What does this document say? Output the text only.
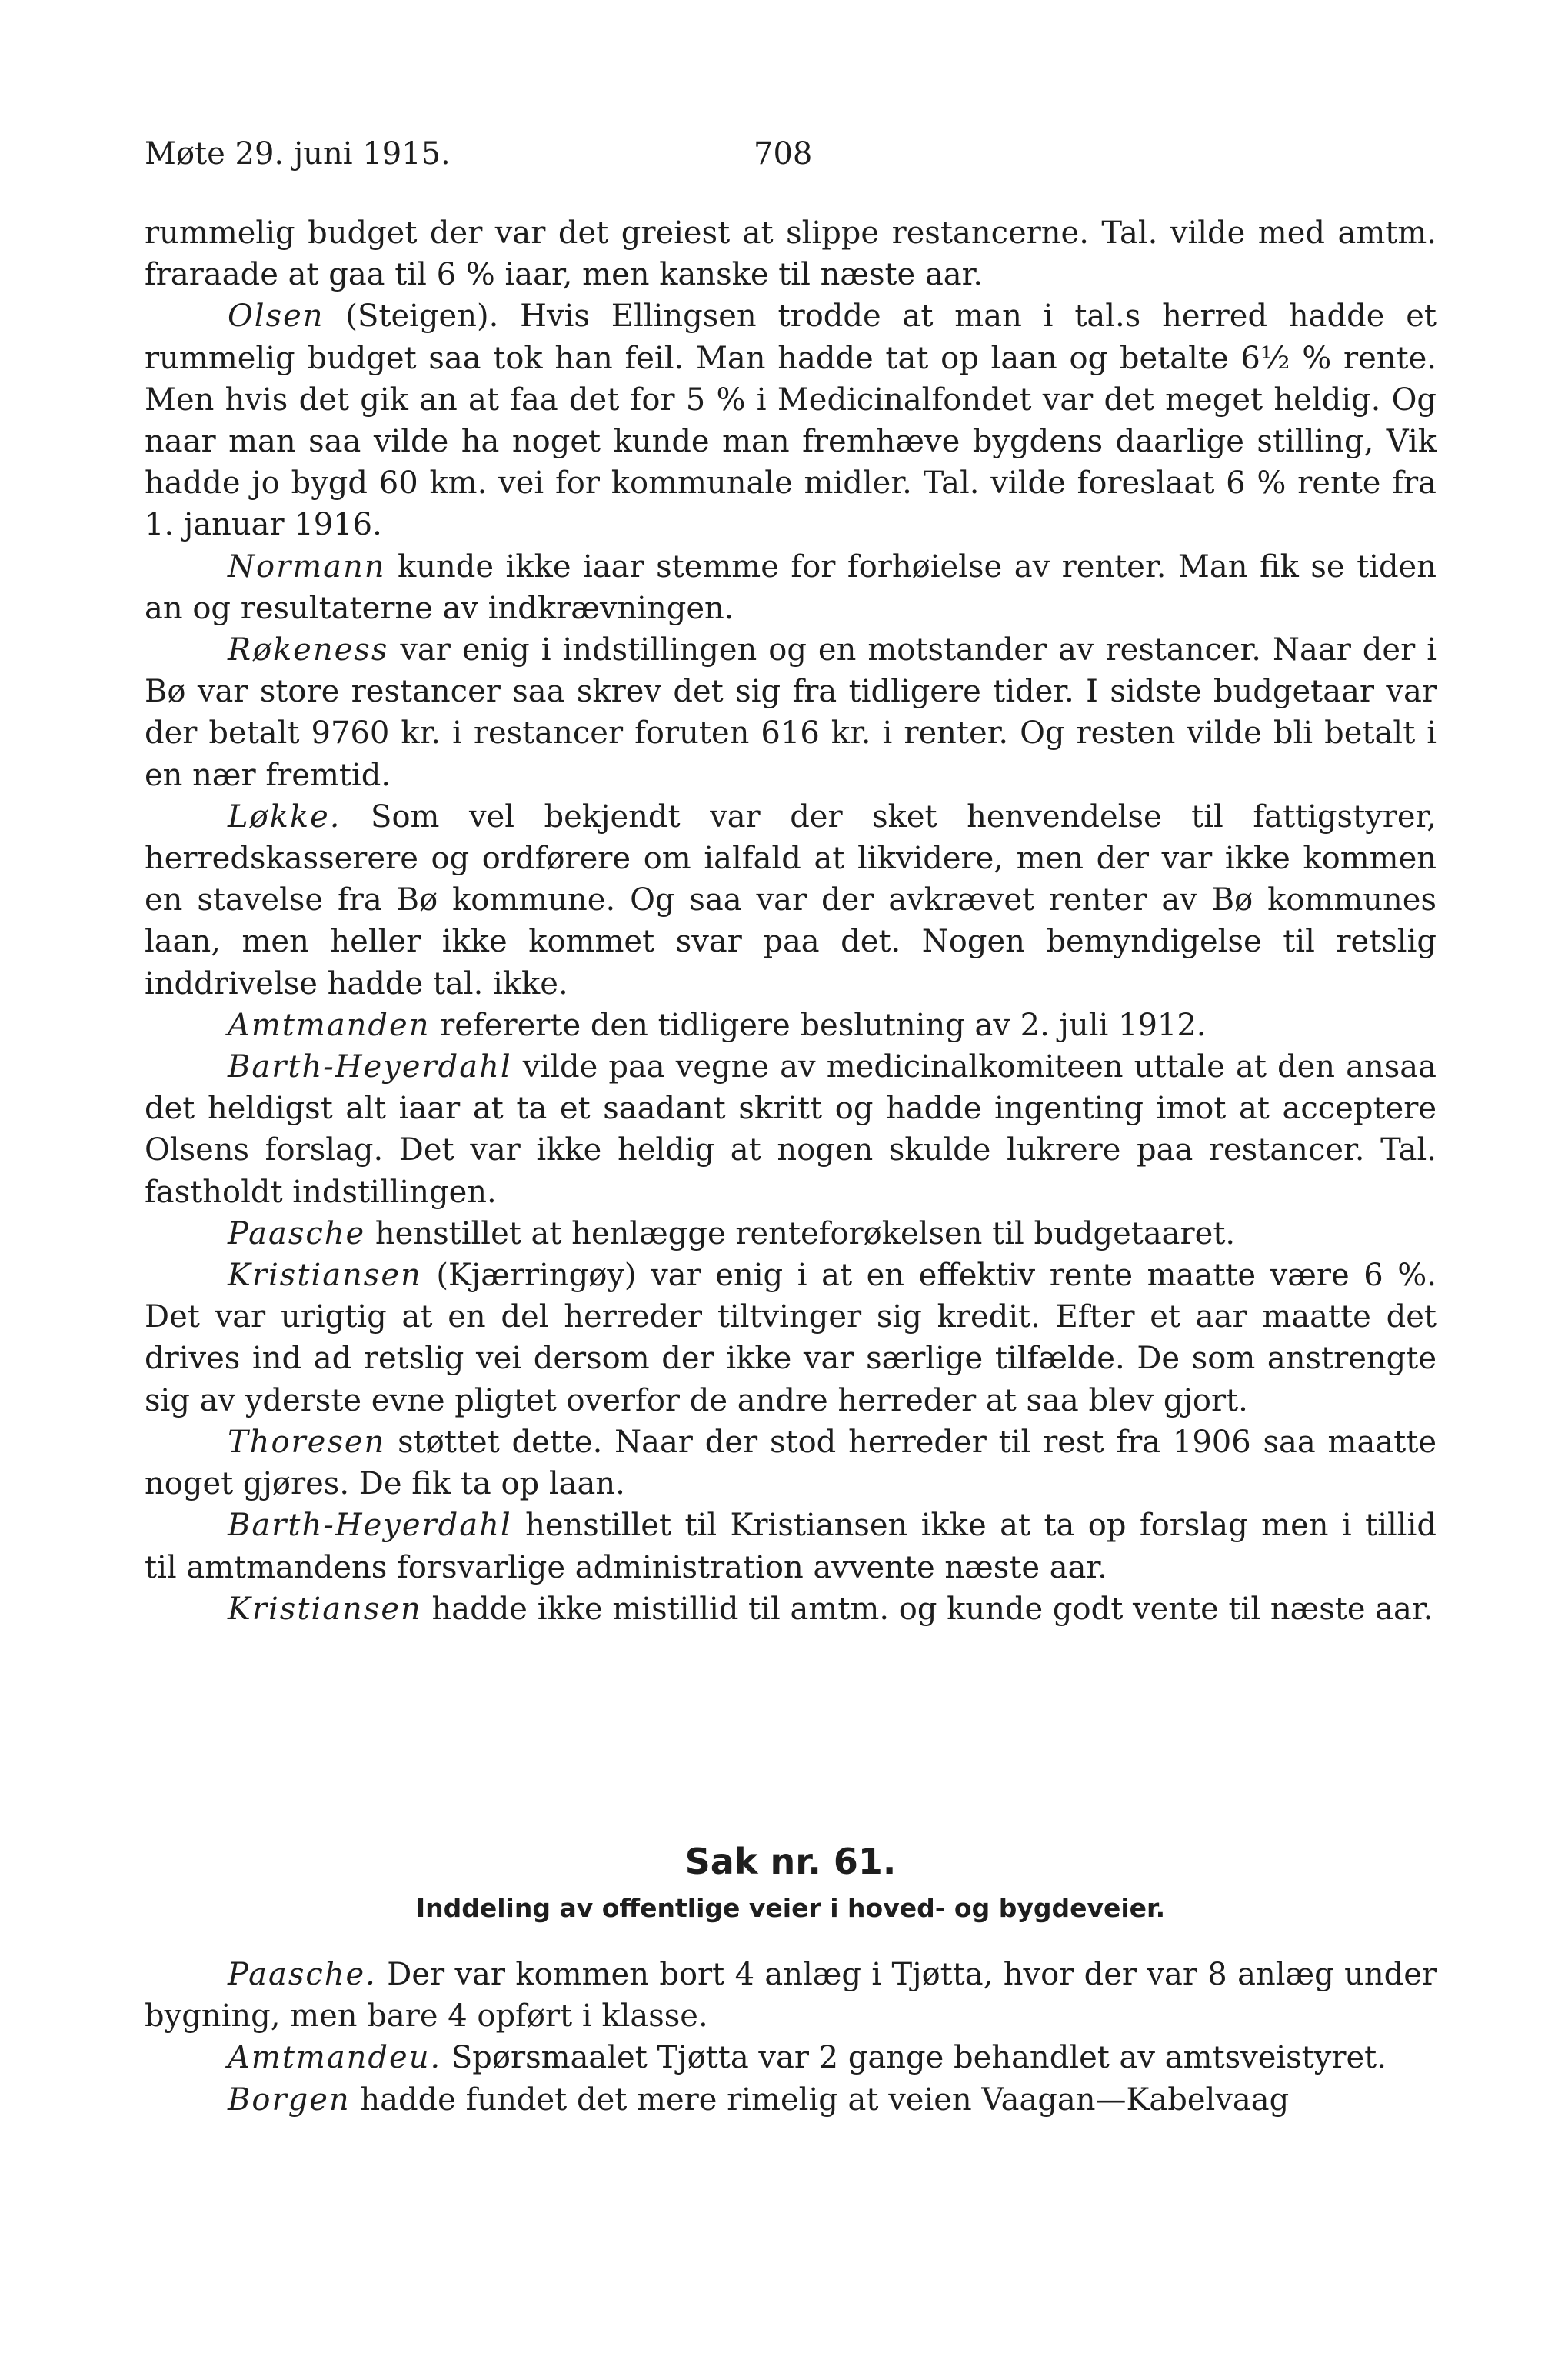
Møte 29. juni 1915.	708

rummelig budget der var det greiest at slippe restancerne. Tal. vilde med amtm. fraraade at gaa til 6 % iaar, men kanske til næste aar.

Olsen (Steigen). Hvis Ellingsen trodde at man i tal.s herred hadde et rummelig budget saa tok han feil. Man hadde tat op laan og betalte 6½ % rente. Men hvis det gik an at faa det for 5 % i Medicinalfondet var det meget heldig. Og naar man saa vilde ha noget kunde man fremhæve bygdens daarlige stilling, Vik hadde jo bygd 60 km. vei for kommunale midler. Tal. vilde foreslaat 6 % rente fra 1. januar 1916.

Normann kunde ikke iaar stemme for forhøielse av renter. Man fik se tiden an og resultaterne av indkrævningen.

Røkeness var enig i indstillingen og en motstander av restancer. Naar der i Bø var store restancer saa skrev det sig fra tidligere tider. I sidste budgetaar var der betalt 9760 kr. i restancer foruten 616 kr. i renter. Og resten vilde bli betalt i en nær fremtid.

Løkke. Som vel bekjendt var der sket henvendelse til fattigstyrer, herredskasserere og ordførere om ialfald at likvidere, men der var ikke kommen en stavelse fra Bø kommune. Og saa var der avkrævet renter av Bø kommunes laan, men heller ikke kommet svar paa det. Nogen bemyndigelse til retslig inddrivelse hadde tal. ikke.

Amtmanden refererte den tidligere beslutning av 2. juli 1912.

Barth-Heyerdahl vilde paa vegne av medicinalkomiteen uttale at den ansaa det heldigst alt iaar at ta et saadant skritt og hadde ingenting imot at acceptere Olsens forslag. Det var ikke heldig at nogen skulde lukrere paa restancer. Tal. fastholdt indstillingen.

Paasche henstillet at henlægge renteforøkelsen til budgetaaret.

Kristiansen (Kjærringøy) var enig i at en effektiv rente maatte være 6 %. Det var urigtig at en del herreder tiltvinger sig kredit. Efter et aar maatte det drives ind ad retslig vei dersom der ikke var særlige tilfælde. De som anstrengte sig av yderste evne pligtet overfor de andre herreder at saa blev gjort.

Thoresen støttet dette. Naar der stod herreder til rest fra 1906 saa maatte noget gjøres. De fik ta op laan.

Barth-Heyerdahl henstillet til Kristiansen ikke at ta op forslag men i tillid til amtmandens forsvarlige administration avvente næste aar.

Kristiansen hadde ikke mistillid til amtm. og kunde godt vente til næste aar.

Sak nr. 61.

Inddeling av offentlige veier i hoved- og bygdeveier.

Paasche. Der var kommen bort 4 anlæg i Tjøtta, hvor der var 8 anlæg under bygning, men bare 4 opført i klasse.

Amtmandeu. Spørsmaalet Tjøtta var 2 gange behandlet av amtsveistyret.

Borgen hadde fundet det mere rimelig at veien Vaagan—Kabelvaag
